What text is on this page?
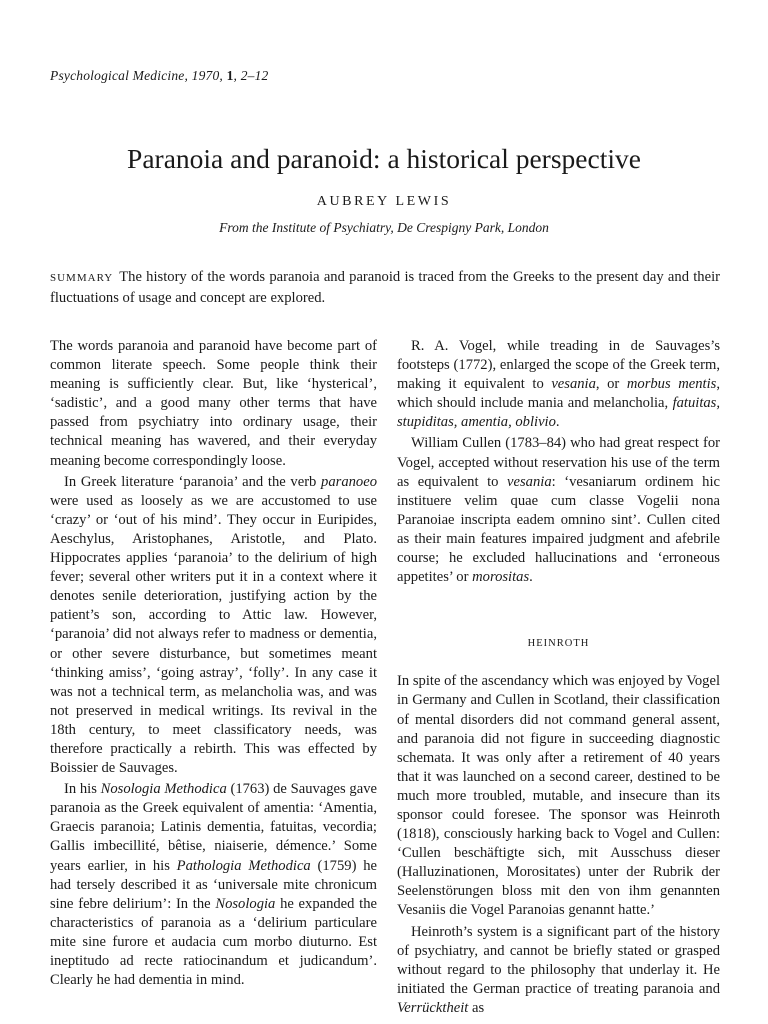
Psychological Medicine, 1970, 1, 2–12
Paranoia and paranoid: a historical perspective
AUBREY LEWIS
From the Institute of Psychiatry, De Crespigny Park, London

SUMMARY The history of the words paranoia and paranoid is traced from the Greeks to the present day and their fluctuations of usage and concept are explored.

The words paranoia and paranoid have become part of common literate speech. Some people think their meaning is sufficiently clear. But, like ‘hysterical’, ‘sadistic’, and a good many other terms that have passed from psychiatry into ordinary usage, their technical meaning has wavered, and their everyday meaning become correspondingly loose.

In Greek literature ‘paranoia’ and the verb paranoeo were used as loosely as we are accustomed to use ‘crazy’ or ‘out of his mind’. They occur in Euripides, Aeschylus, Aristophanes, Aristotle, and Plato. Hippocrates applies ‘paranoia’ to the delirium of high fever; several other writers put it in a context where it denotes senile deterioration, justifying action by the patient’s son, according to Attic law. However, ‘paranoia’ did not always refer to madness or dementia, or other severe disturbance, but sometimes meant ‘thinking amiss’, ‘going astray’, ‘folly’. In any case it was not a technical term, as melancholia was, and was not preserved in medical writings. Its revival in the 18th century, to meet classificatory needs, was therefore practically a rebirth. This was effected by Boissier de Sauvages.

In his Nosologia Methodica (1763) de Sauvages gave paranoia as the Greek equivalent of amentia: ‘Amentia, Graecis paranoia; Latinis dementia, fatuitas, vecordia; Gallis imbecillité, bêtise, niaiserie, démence.’ Some years earlier, in his Pathologia Methodica (1759) he had tersely described it as ‘universale mite chronicum sine febre delirium’: In the Nosologia he expanded the characteristics of paranoia as a ‘delirium particulare mite sine furore et audacia cum morbo diuturno. Est ineptitudo ad recte ratiocinandum et judicandum’. Clearly he had dementia in mind.

R. A. Vogel, while treading in de Sauvages’s footsteps (1772), enlarged the scope of the Greek term, making it equivalent to vesania, or morbus mentis, which should include mania and melancholia, fatuitas, stupiditas, amentia, oblivio.

William Cullen (1783–84) who had great respect for Vogel, accepted without reservation his use of the term as equivalent to vesania: ‘vesaniarum ordinem hic instituere velim quae cum classe Vogelii nona Paranoiae inscripta eadem omnino sint’. Cullen cited as their main features impaired judgment and afebrile course; he excluded hallucinations and ‘erroneous appetites’ or morositas.

HEINROTH

In spite of the ascendancy which was enjoyed by Vogel in Germany and Cullen in Scotland, their classification of mental disorders did not command general assent, and paranoia did not figure in succeeding diagnostic schemata. It was only after a retirement of 40 years that it was launched on a second career, destined to be much more troubled, mutable, and insecure than its sponsor could foresee. The sponsor was Heinroth (1818), consciously harking back to Vogel and Cullen: ‘Cullen beschäftigte sich, mit Ausschuss dieser (Halluzinationen, Morositates) unter der Rubrik der Seelenstörungen bloss mit den von ihm genannten Vesaniis die Vogel Paranoias genannt hatte.’

Heinroth’s system is a significant part of the history of psychiatry, and cannot be briefly stated or grasped without regard to the philosophy that underlay it. He initiated the German practice of treating paranoia and Verrücktheit as
